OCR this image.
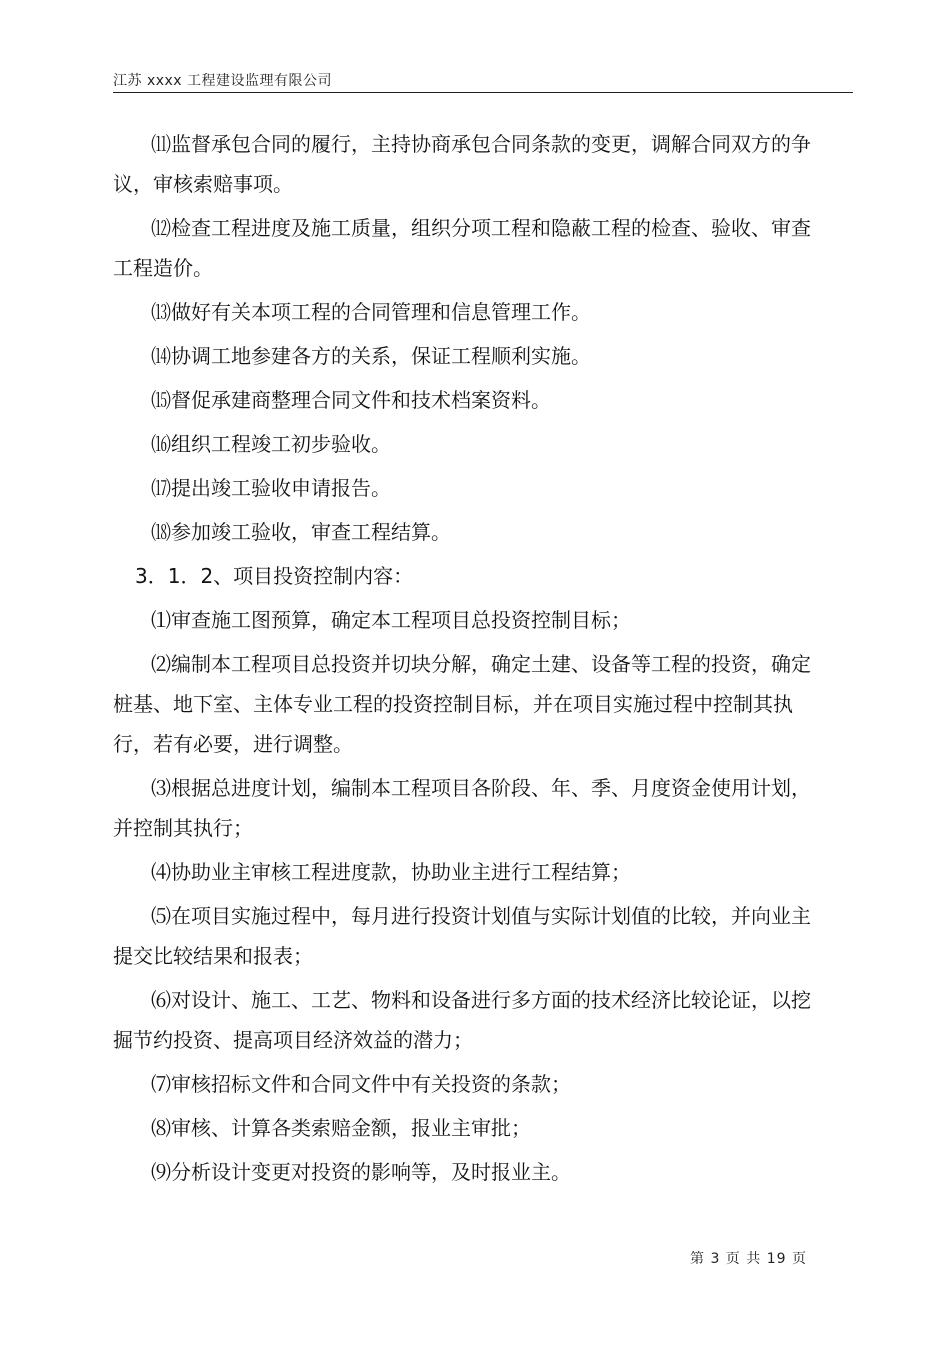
江苏 xxxx 工程建设监理有限公司

⑾监督承包合同的履行，主持协商承包合同条款的变更，调解合同双方的争议，审核索赔事项。

⑿检查工程进度及施工质量，组织分项工程和隐蔽工程的检查、验收、审查工程造价。

⒀做好有关本项工程的合同管理和信息管理工作。

⒁协调工地参建各方的关系，保证工程顺利实施。

⒂督促承建商整理合同文件和技术档案资料。

⒃组织工程竣工初步验收。

⒄提出竣工验收申请报告。

⒅参加竣工验收，审查工程结算。

3．1．2、项目投资控制内容：

⑴审查施工图预算，确定本工程项目总投资控制目标；

⑵编制本工程项目总投资并切块分解，确定土建、设备等工程的投资，确定桩基、地下室、主体专业工程的投资控制目标，并在项目实施过程中控制其执行，若有必要，进行调整。

⑶根据总进度计划，编制本工程项目各阶段、年、季、月度资金使用计划，并控制其执行；

⑷协助业主审核工程进度款，协助业主进行工程结算；

⑸在项目实施过程中，每月进行投资计划值与实际计划值的比较，并向业主提交比较结果和报表；

⑹对设计、施工、工艺、物料和设备进行多方面的技术经济比较论证，以挖掘节约投资、提高项目经济效益的潜力；

⑺审核招标文件和合同文件中有关投资的条款；

⑻审核、计算各类索赔金额，报业主审批；

⑼分析设计变更对投资的影响等，及时报业主。

第 3 页 共 19 页
